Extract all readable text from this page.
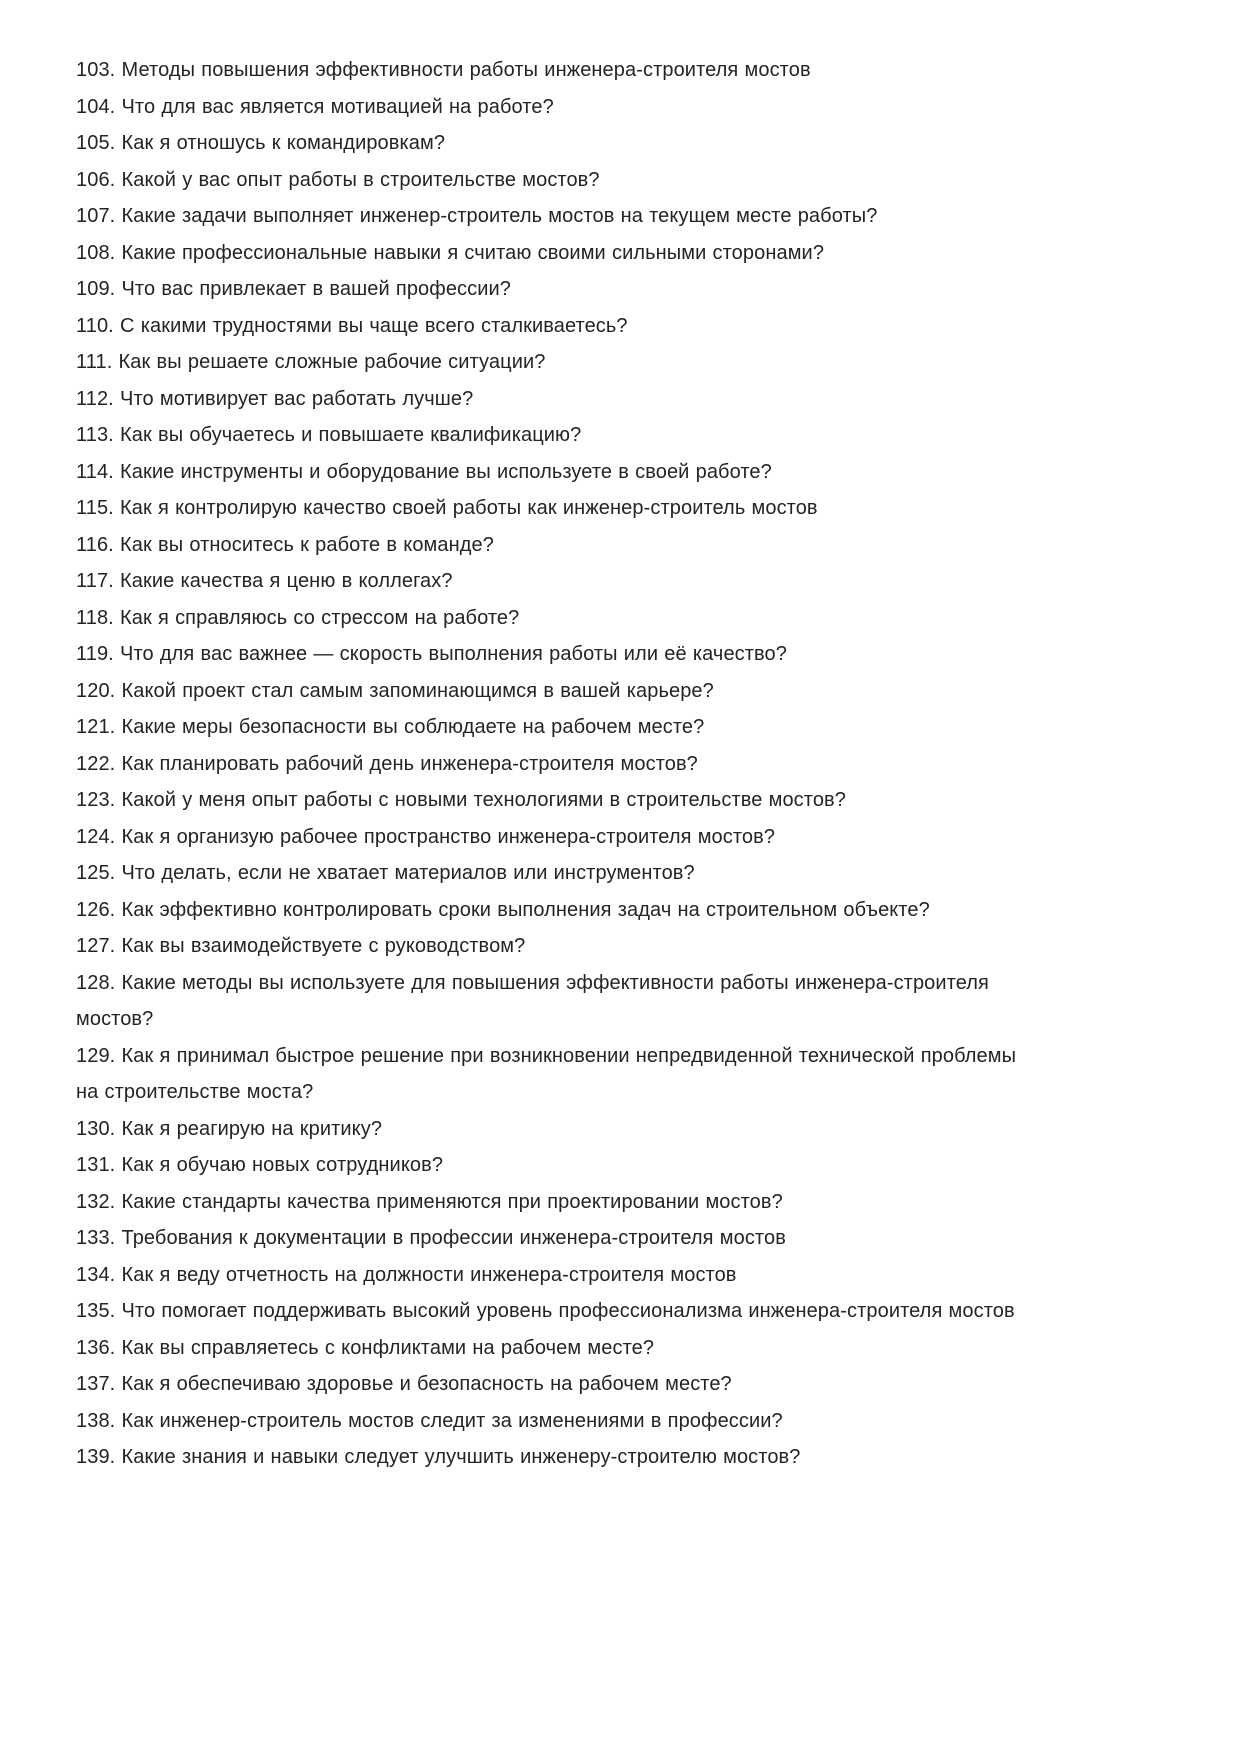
103. Методы повышения эффективности работы инженера-строителя мостов

104. Что для вас является мотивацией на работе?

105. Как я отношусь к командировкам?

106. Какой у вас опыт работы в строительстве мостов?

107. Какие задачи выполняет инженер-строитель мостов на текущем месте работы?

108. Какие профессиональные навыки я считаю своими сильными сторонами?

109. Что вас привлекает в вашей профессии?

110. С какими трудностями вы чаще всего сталкиваетесь?

111. Как вы решаете сложные рабочие ситуации?

112. Что мотивирует вас работать лучше?

113. Как вы обучаетесь и повышаете квалификацию?

114. Какие инструменты и оборудование вы используете в своей работе?

115. Как я контролирую качество своей работы как инженер-строитель мостов

116. Как вы относитесь к работе в команде?

117. Какие качества я ценю в коллегах?

118. Как я справляюсь со стрессом на работе?

119. Что для вас важнее — скорость выполнения работы или её качество?

120. Какой проект стал самым запоминающимся в вашей карьере?

121. Какие меры безопасности вы соблюдаете на рабочем месте?

122. Как планировать рабочий день инженера-строителя мостов?

123. Какой у меня опыт работы с новыми технологиями в строительстве мостов?

124. Как я организую рабочее пространство инженера-строителя мостов?

125. Что делать, если не хватает материалов или инструментов?

126. Как эффективно контролировать сроки выполнения задач на строительном объекте?

127. Как вы взаимодействуете с руководством?

128. Какие методы вы используете для повышения эффективности работы инженера-строителя мостов?

129. Как я принимал быстрое решение при возникновении непредвиденной технической проблемы на строительстве моста?

130. Как я реагирую на критику?

131. Как я обучаю новых сотрудников?

132. Какие стандарты качества применяются при проектировании мостов?

133. Требования к документации в профессии инженера-строителя мостов

134. Как я веду отчетность на должности инженера-строителя мостов

135. Что помогает поддерживать высокий уровень профессионализма инженера-строителя мостов

136. Как вы справляетесь с конфликтами на рабочем месте?

137. Как я обеспечиваю здоровье и безопасность на рабочем месте?

138. Как инженер-строитель мостов следит за изменениями в профессии?

139. Какие знания и навыки следует улучшить инженеру-строителю мостов?
